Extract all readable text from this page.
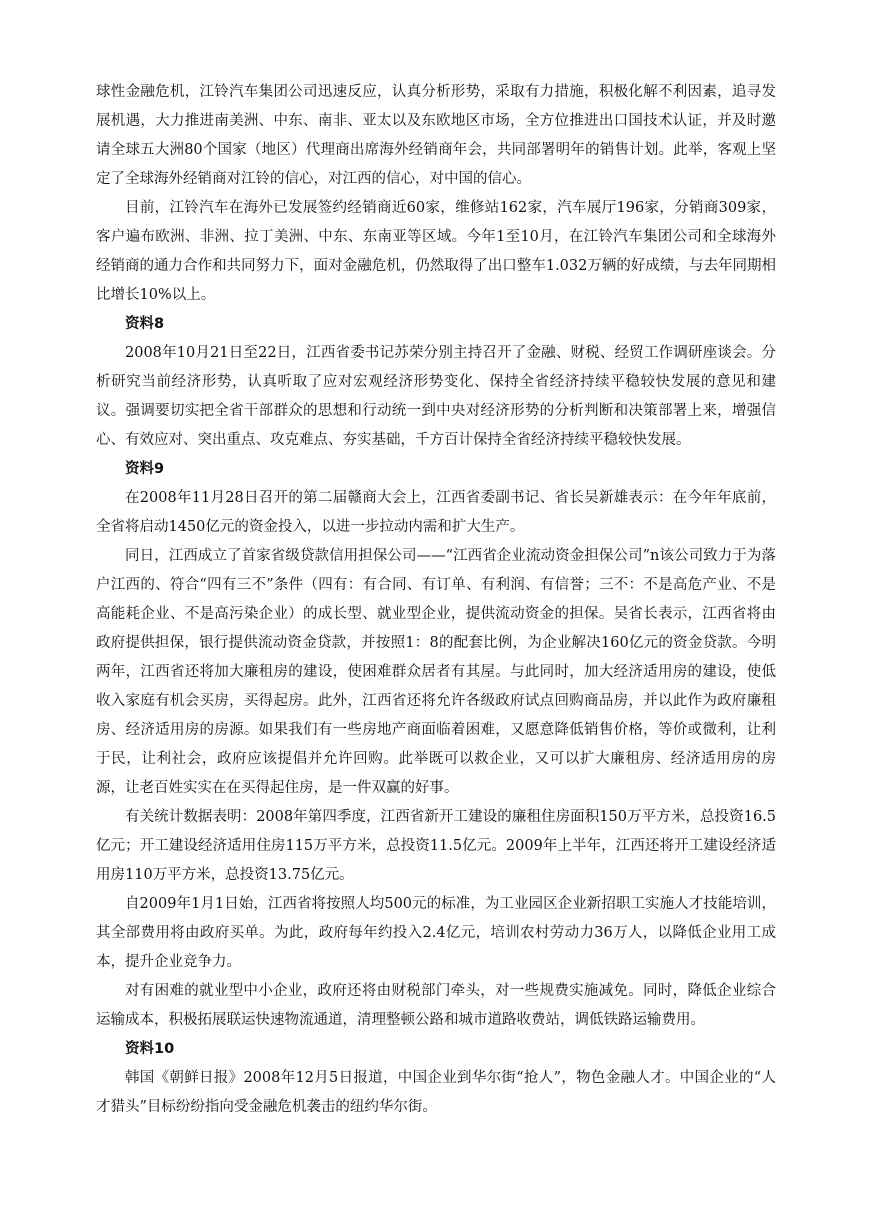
球性金融危机，江铃汽车集团公司迅速反应，认真分析形势，采取有力措施，积极化解不利因素，追寻发展机遇，大力推进南美洲、中东、南非、亚太以及东欧地区市场，全方位推进出口国技术认证，并及时邀请全球五大洲80个国家（地区）代理商出席海外经销商年会，共同部署明年的销售计划。此举，客观上坚定了全球海外经销商对江铃的信心，对江西的信心，对中国的信心。

目前，江铃汽车在海外已发展签约经销商近60家，维修站162家，汽车展厅196家，分销商309家，客户遍布欧洲、非洲、拉丁美洲、中东、东南亚等区域。今年1至10月，在江铃汽车集团公司和全球海外经销商的通力合作和共同努力下，面对金融危机，仍然取得了出口整车1.032万辆的好成绩，与去年同期相比增长10%以上。

资料8

2008年10月21日至22日，江西省委书记苏荣分别主持召开了金融、财税、经贸工作调研座谈会。分析研究当前经济形势，认真听取了应对宏观经济形势变化、保持全省经济持续平稳较快发展的意见和建议。强调要切实把全省干部群众的思想和行动统一到中央对经济形势的分析判断和决策部署上来，增强信心、有效应对、突出重点、攻克难点、夯实基础，千方百计保持全省经济持续平稳较快发展。

资料9

在2008年11月28日召开的第二届赣商大会上，江西省委副书记、省长吴新雄表示：在今年年底前，全省将启动1450亿元的资金投入，以进一步拉动内需和扩大生产。

同日，江西成立了首家省级贷款信用担保公司——“江西省企业流动资金担保公司”n该公司致力于为落户江西的、符合“四有三不”条件（四有：有合同、有订单、有利润、有信誉；三不：不是高危产业、不是高能耗企业、不是高污染企业）的成长型、就业型企业，提供流动资金的担保。吴省长表示，江西省将由政府提供担保，银行提供流动资金贷款，并按照1：8的配套比例，为企业解决160亿元的资金贷款。今明两年，江西省还将加大廉租房的建设，使困难群众居者有其屋。与此同时，加大经济适用房的建设，使低收入家庭有机会买房，买得起房。此外，江西省还将允许各级政府试点回购商品房，并以此作为政府廉租房、经济适用房的房源。如果我们有一些房地产商面临着困难，又愿意降低销售价格，等价或微利，让利于民，让利社会，政府应该提倡并允许回购。此举既可以救企业，又可以扩大廉租房、经济适用房的房源，让老百姓实实在在买得起住房，是一件双赢的好事。

有关统计数据表明：2008年第四季度，江西省新开工建设的廉租住房面积150万平方米，总投资16.5亿元；开工建设经济适用住房115万平方米，总投资11.5亿元。2009年上半年，江西还将开工建设经济适用房110万平方米，总投资13.75亿元。

自2009年1月1日始，江西省将按照人均500元的标准，为工业园区企业新招职工实施人才技能培训，其全部费用将由政府买单。为此，政府每年约投入2.4亿元，培训农村劳动力36万人，以降低企业用工成本，提升企业竞争力。

对有困难的就业型中小企业，政府还将由财税部门牵头，对一些规费实施减免。同时，降低企业综合运输成本，积极拓展联运快速物流通道，清理整顿公路和城市道路收费站，调低铁路运输费用。

资料10

韩国《朝鲜日报》2008年12月5日报道，中国企业到华尔街“抢人”，物色金融人才。中国企业的“人才猎头”目标纷纷指向受金融危机袭击的纽约华尔街。
